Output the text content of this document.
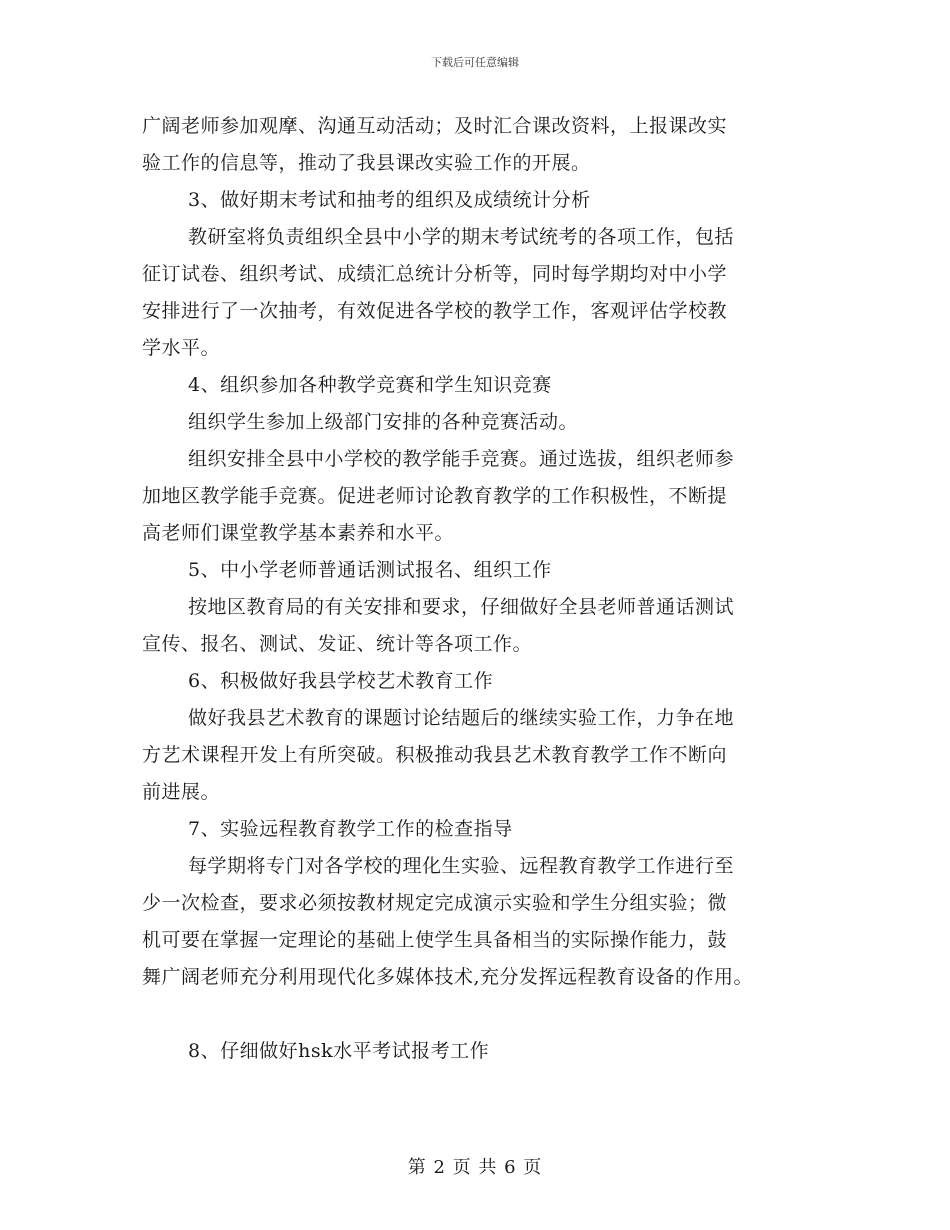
下载后可任意编辑
广阔老师参加观摩、沟通互动活动；及时汇合课改资料，上报课改实
验工作的信息等，推动了我县课改实验工作的开展。
3、做好期末考试和抽考的组织及成绩统计分析
教研室将负责组织全县中小学的期末考试统考的各项工作，包括
征订试卷、组织考试、成绩汇总统计分析等，同时每学期均对中小学
安排进行了一次抽考，有效促进各学校的教学工作，客观评估学校教
学水平。
4、组织参加各种教学竞赛和学生知识竞赛
组织学生参加上级部门安排的各种竞赛活动。
组织安排全县中小学校的教学能手竞赛。通过选拔，组织老师参
加地区教学能手竞赛。促进老师讨论教育教学的工作积极性，不断提
高老师们课堂教学基本素养和水平。
5、中小学老师普通话测试报名、组织工作
按地区教育局的有关安排和要求，仔细做好全县老师普通话测试
宣传、报名、测试、发证、统计等各项工作。
6、积极做好我县学校艺术教育工作
做好我县艺术教育的课题讨论结题后的继续实验工作，力争在地
方艺术课程开发上有所突破。积极推动我县艺术教育教学工作不断向
前进展。
7、实验远程教育教学工作的检查指导
每学期将专门对各学校的理化生实验、远程教育教学工作进行至
少一次检查，要求必须按教材规定完成演示实验和学生分组实验；微
机可要在掌握一定理论的基础上使学生具备相当的实际操作能力，鼓
舞广阔老师充分利用现代化多媒体技术,充分发挥远程教育设备的作用。
8、仔细做好hsk水平考试报考工作
第 2 页 共 6 页
